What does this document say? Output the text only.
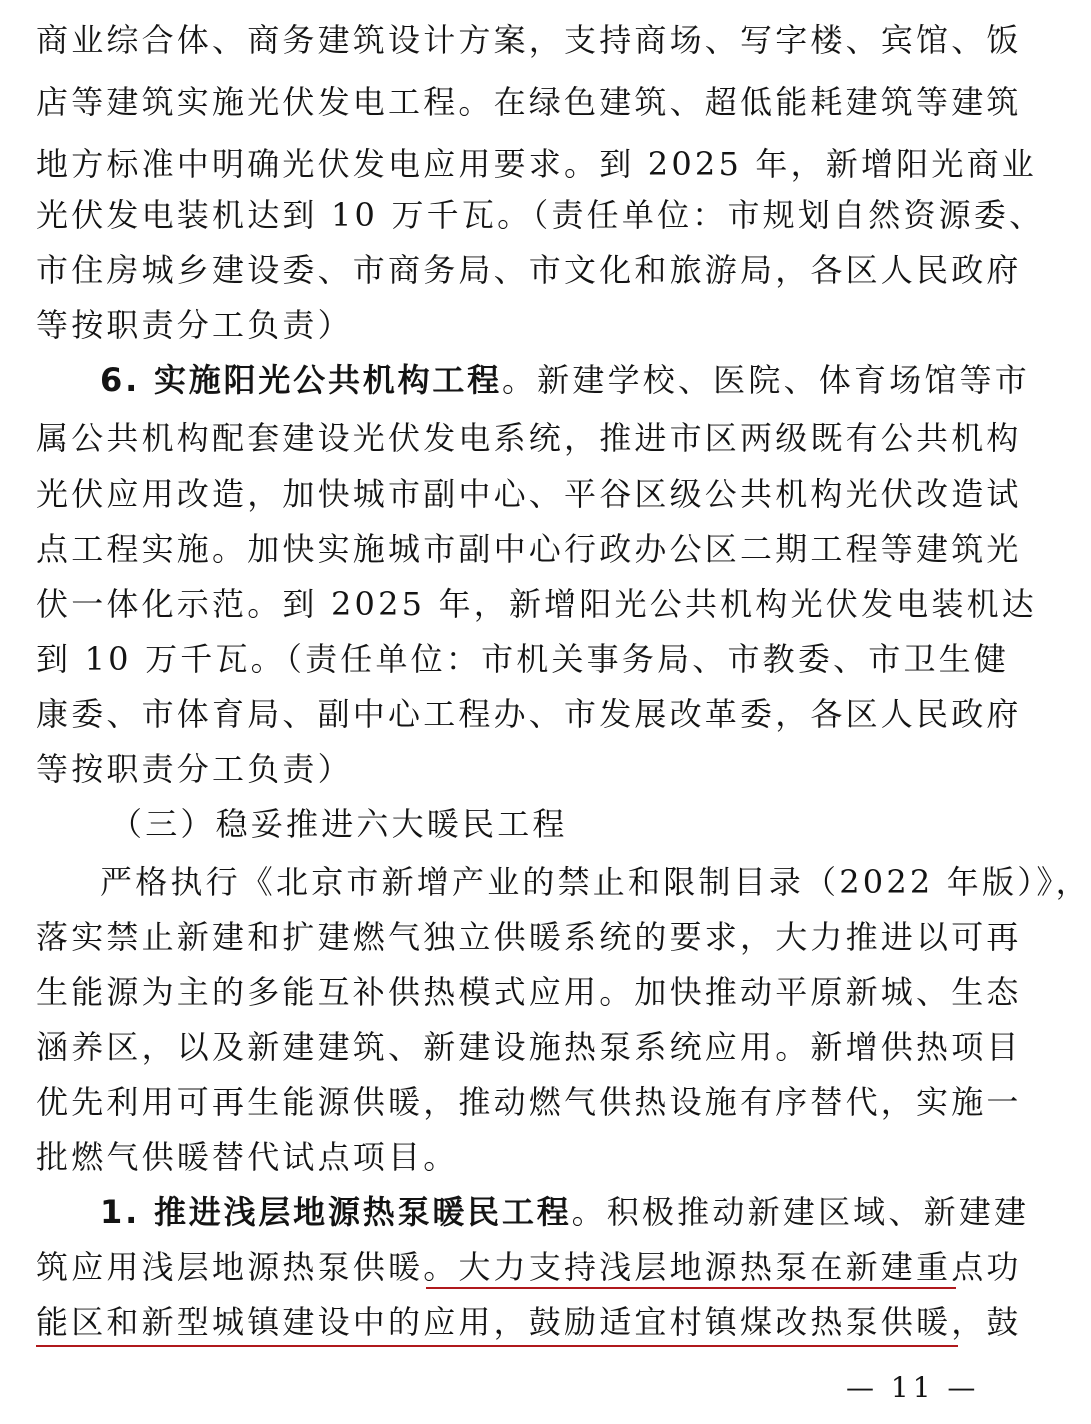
商业综合体、商务建筑设计方案，支持商场、写字楼、宾馆、饭
店等建筑实施光伏发电工程。在绿色建筑、超低能耗建筑等建筑
地方标准中明确光伏发电应用要求。到 2025 年，新增阳光商业
光伏发电装机达到 10 万千瓦。（责任单位：市规划自然资源委、
市住房城乡建设委、市商务局、市文化和旅游局，各区人民政府
等按职责分工负责）
6. 实施阳光公共机构工程。新建学校、医院、体育场馆等市
属公共机构配套建设光伏发电系统，推进市区两级既有公共机构
光伏应用改造，加快城市副中心、平谷区级公共机构光伏改造试
点工程实施。加快实施城市副中心行政办公区二期工程等建筑光
伏一体化示范。到 2025 年，新增阳光公共机构光伏发电装机达
到 10 万千瓦。（责任单位：市机关事务局、市教委、市卫生健
康委、市体育局、副中心工程办、市发展改革委，各区人民政府
等按职责分工负责）
（三）稳妥推进六大暖民工程
严格执行《北京市新增产业的禁止和限制目录（2022 年版）》，
落实禁止新建和扩建燃气独立供暖系统的要求，大力推进以可再
生能源为主的多能互补供热模式应用。加快推动平原新城、生态
涵养区，以及新建建筑、新建设施热泵系统应用。新增供热项目
优先利用可再生能源供暖，推动燃气供热设施有序替代，实施一
批燃气供暖替代试点项目。
1. 推进浅层地源热泵暖民工程。积极推动新建区域、新建建
筑应用浅层地源热泵供暖。大力支持浅层地源热泵在新建重点功
能区和新型城镇建设中的应用，鼓励适宜村镇煤改热泵供暖，鼓
— 11 —
